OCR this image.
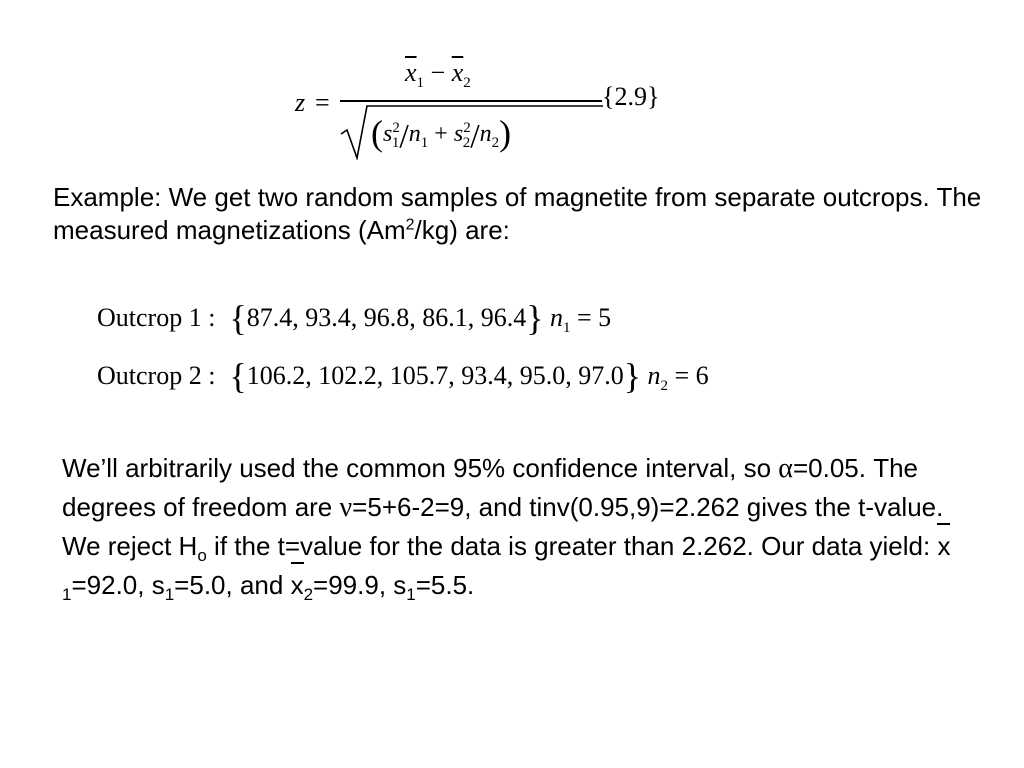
z =
$\overline{x}_1 - \overline{x}_2$
$(s^2_1/n_1 + s^2_2/n_2)$
{2.9}
Example: We get two random samples of magnetite from separate outcrops. The measured magnetizations (Am$^2$/kg) are:
Outcrop 1 : {87.4, 93.4, 96.8, 86.1, 96.4} $n_1 = 5$
Outcrop 2 : {106.2, 102.2, 105.7, 93.4, 95.0, 97.0} $n_2 = 6$
We’ll arbitrarily used the common 95% confidence interval, so α=0.05. The degrees of freedom are ν=5+6-2=9, and tinv(0.95,9)=2.262 gives the t-value. We reject $H_o$ if the t=value for the data is greater than 2.262. Our data yield: $x_1=92.0$, $s_1=5.0$, and $x_2=99.9$, $s_1=5.5$.
